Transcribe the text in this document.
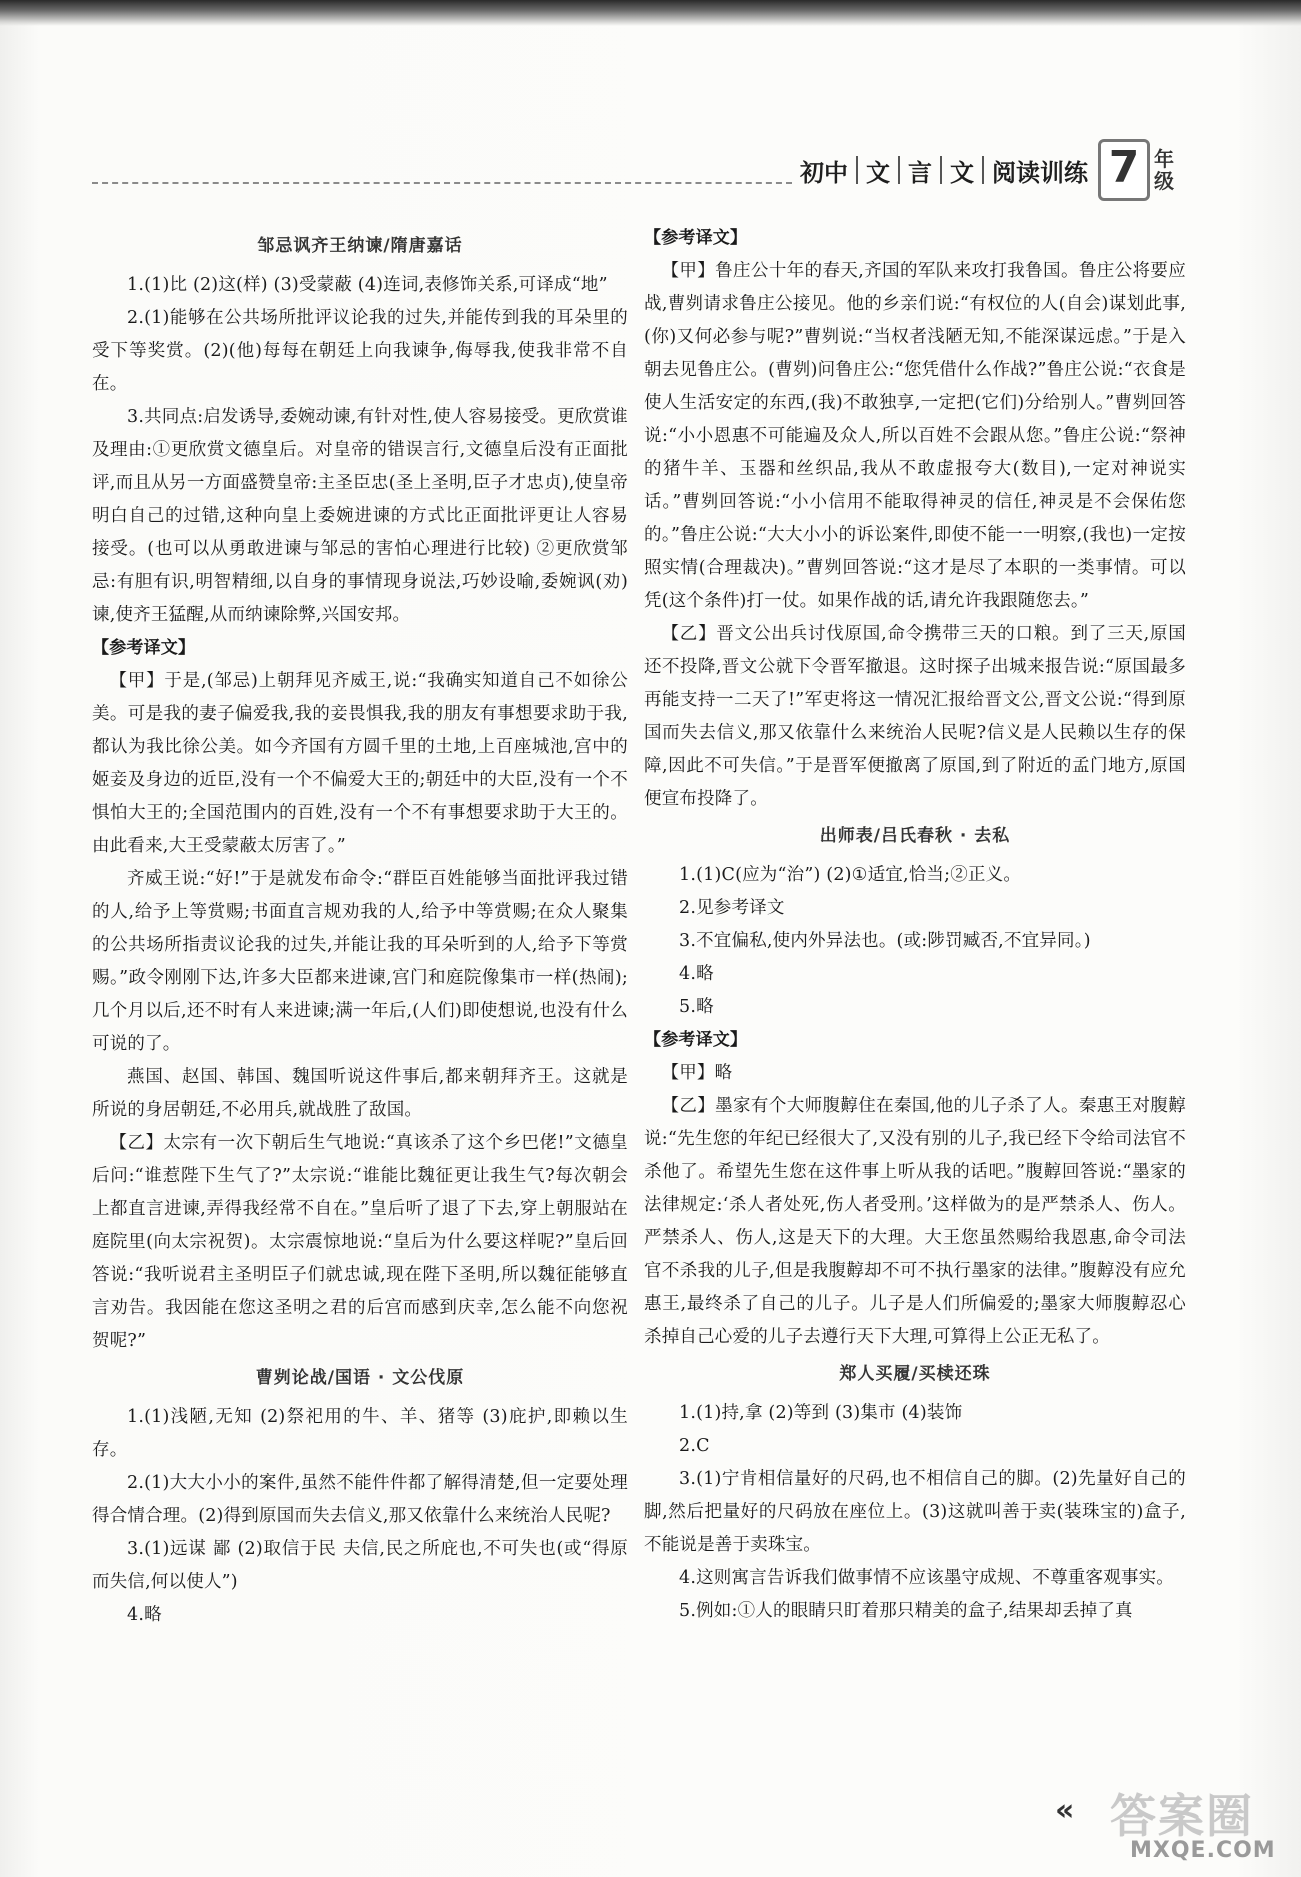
初中 文 言 文 阅读训练 7 年
级
邹忌讽齐王纳谏/隋唐嘉话

1.(1)比 (2)这(样) (3)受蒙蔽 (4)连词,表修饰关系,可译成“地”

2.(1)能够在公共场所批评议论我的过失,并能传到我的耳朵里的受下等奖赏。(2)(他)每每在朝廷上向我谏争,侮辱我,使我非常不自在。

3.共同点:启发诱导,委婉动谏,有针对性,使人容易接受。更欣赏谁及理由:①更欣赏文德皇后。对皇帝的错误言行,文德皇后没有正面批评,而且从另一方面盛赞皇帝:主圣臣忠(圣上圣明,臣子才忠贞),使皇帝明白自己的过错,这种向皇上委婉进谏的方式比正面批评更让人容易接受。(也可以从勇敢进谏与邹忌的害怕心理进行比较) ②更欣赏邹忌:有胆有识,明智精细,以自身的事情现身说法,巧妙设喻,委婉讽(劝)谏,使齐王猛醒,从而纳谏除弊,兴国安邦。

【参考译文】

【甲】于是,(邹忌)上朝拜见齐威王,说:“我确实知道自己不如徐公美。可是我的妻子偏爱我,我的妾畏惧我,我的朋友有事想要求助于我,都认为我比徐公美。如今齐国有方圆千里的土地,上百座城池,宫中的姬妾及身边的近臣,没有一个不偏爱大王的;朝廷中的大臣,没有一个不惧怕大王的;全国范围内的百姓,没有一个不有事想要求助于大王的。由此看来,大王受蒙蔽太厉害了。”

齐威王说:“好!”于是就发布命令:“群臣百姓能够当面批评我过错的人,给予上等赏赐;书面直言规劝我的人,给予中等赏赐;在众人聚集的公共场所指责议论我的过失,并能让我的耳朵听到的人,给予下等赏赐。”政令刚刚下达,许多大臣都来进谏,宫门和庭院像集市一样(热闹);几个月以后,还不时有人来进谏;满一年后,(人们)即使想说,也没有什么可说的了。

燕国、赵国、韩国、魏国听说这件事后,都来朝拜齐王。这就是所说的身居朝廷,不必用兵,就战胜了敌国。

【乙】太宗有一次下朝后生气地说:“真该杀了这个乡巴佬!”文德皇后问:“谁惹陛下生气了?”太宗说:“谁能比魏征更让我生气?每次朝会上都直言进谏,弄得我经常不自在。”皇后听了退了下去,穿上朝服站在庭院里(向太宗祝贺)。太宗震惊地说:“皇后为什么要这样呢?”皇后回答说:“我听说君主圣明臣子们就忠诚,现在陛下圣明,所以魏征能够直言劝告。我因能在您这圣明之君的后宫而感到庆幸,怎么能不向您祝贺呢?”

曹刿论战/国语 · 文公伐原

1.(1)浅陋,无知 (2)祭祀用的牛、羊、猪等 (3)庇护,即赖以生存。

2.(1)大大小小的案件,虽然不能件件都了解得清楚,但一定要处理得合情合理。(2)得到原国而失去信义,那又依靠什么来统治人民呢?

3.(1)远谋 鄙 (2)取信于民 夫信,民之所庇也,不可失也(或“得原而失信,何以使人”)

4.略

【参考译文】

【甲】鲁庄公十年的春天,齐国的军队来攻打我鲁国。鲁庄公将要应战,曹刿请求鲁庄公接见。他的乡亲们说:“有权位的人(自会)谋划此事,(你)又何必参与呢?”曹刿说:“当权者浅陋无知,不能深谋远虑。”于是入朝去见鲁庄公。(曹刿)问鲁庄公:“您凭借什么作战?”鲁庄公说:“衣食是使人生活安定的东西,(我)不敢独享,一定把(它们)分给别人。”曹刿回答说:“小小恩惠不可能遍及众人,所以百姓不会跟从您。”鲁庄公说:“祭神的猪牛羊、玉器和丝织品,我从不敢虚报夸大(数目),一定对神说实话。”曹刿回答说:“小小信用不能取得神灵的信任,神灵是不会保佑您的。”鲁庄公说:“大大小小的诉讼案件,即使不能一一明察,(我也)一定按照实情(合理裁决)。”曹刿回答说:“这才是尽了本职的一类事情。可以凭(这个条件)打一仗。如果作战的话,请允许我跟随您去。”

【乙】晋文公出兵讨伐原国,命令携带三天的口粮。到了三天,原国还不投降,晋文公就下令晋军撤退。这时探子出城来报告说:“原国最多再能支持一二天了!”军吏将这一情况汇报给晋文公,晋文公说:“得到原国而失去信义,那又依靠什么来统治人民呢?信义是人民赖以生存的保障,因此不可失信。”于是晋军便撤离了原国,到了附近的孟门地方,原国便宣布投降了。

出师表/吕氏春秋 · 去私

1.(1)C(应为“治”) (2)①适宜,恰当;②正义。

2.见参考译文

3.不宜偏私,使内外异法也。(或:陟罚臧否,不宜异同。)

4.略

5.略

【参考译文】

【甲】略

【乙】墨家有个大师腹䵍住在秦国,他的儿子杀了人。秦惠王对腹䵍说:“先生您的年纪已经很大了,又没有别的儿子,我已经下令给司法官不杀他了。希望先生您在这件事上听从我的话吧。”腹䵍回答说:“墨家的法律规定:‘杀人者处死,伤人者受刑。’这样做为的是严禁杀人、伤人。严禁杀人、伤人,这是天下的大理。大王您虽然赐给我恩惠,命令司法官不杀我的儿子,但是我腹䵍却不可不执行墨家的法律。”腹䵍没有应允惠王,最终杀了自己的儿子。儿子是人们所偏爱的;墨家大师腹䵍忍心杀掉自己心爱的儿子去遵行天下大理,可算得上公正无私了。

郑人买履/买椟还珠

1.(1)持,拿 (2)等到 (3)集市 (4)装饰

2.C

3.(1)宁肯相信量好的尺码,也不相信自己的脚。(2)先量好自己的脚,然后把量好的尺码放在座位上。(3)这就叫善于卖(装珠宝的)盒子,不能说是善于卖珠宝。

4.这则寓言告诉我们做事情不应该墨守成规、不尊重客观事实。

5.例如:①人的眼睛只盯着那只精美的盒子,结果却丢掉了真

« 答案圈
MXQE.COM
